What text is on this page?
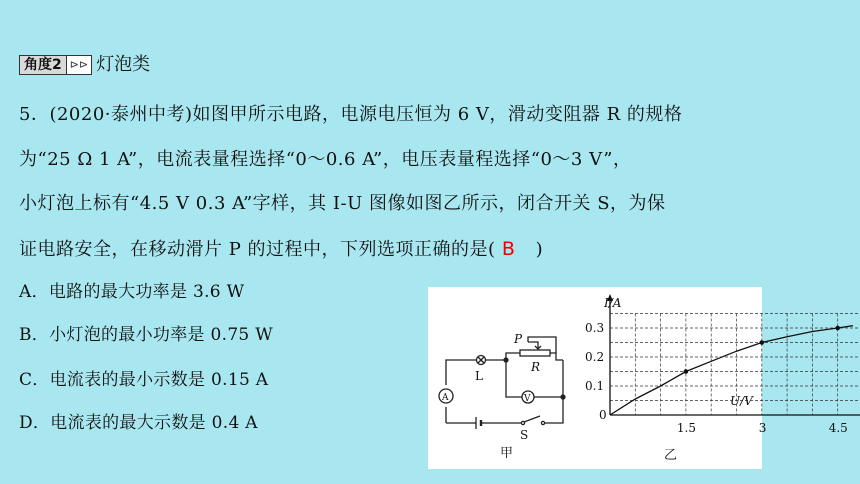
角度2 ⊳⊳ 灯泡类
5．(2020·泰州中考)如图甲所示电路，电源电压恒为 6 V，滑动变阻器 R 的规格
为“25 Ω 1 A”，电流表量程选择“0～0.6 A”，电压表量程选择“0～3 V”，
小灯泡上标有“4.5 V 0.3 A”字样，其 I-U 图像如图乙所示，闭合开关 S，为保
证电路安全，在移动滑片 P 的过程中，下列选项正确的是( B )
A．电路的最大功率是 3.6 W
B．小灯泡的最小功率是 0.75 W
C．电流表的最小示数是 0.15 A
D．电流表的最大示数是 0.4 A
P
R
L
V
A
S
甲
1.5	3	4.5
0.1
0.2
0.3
I/A
U/V
0
乙
